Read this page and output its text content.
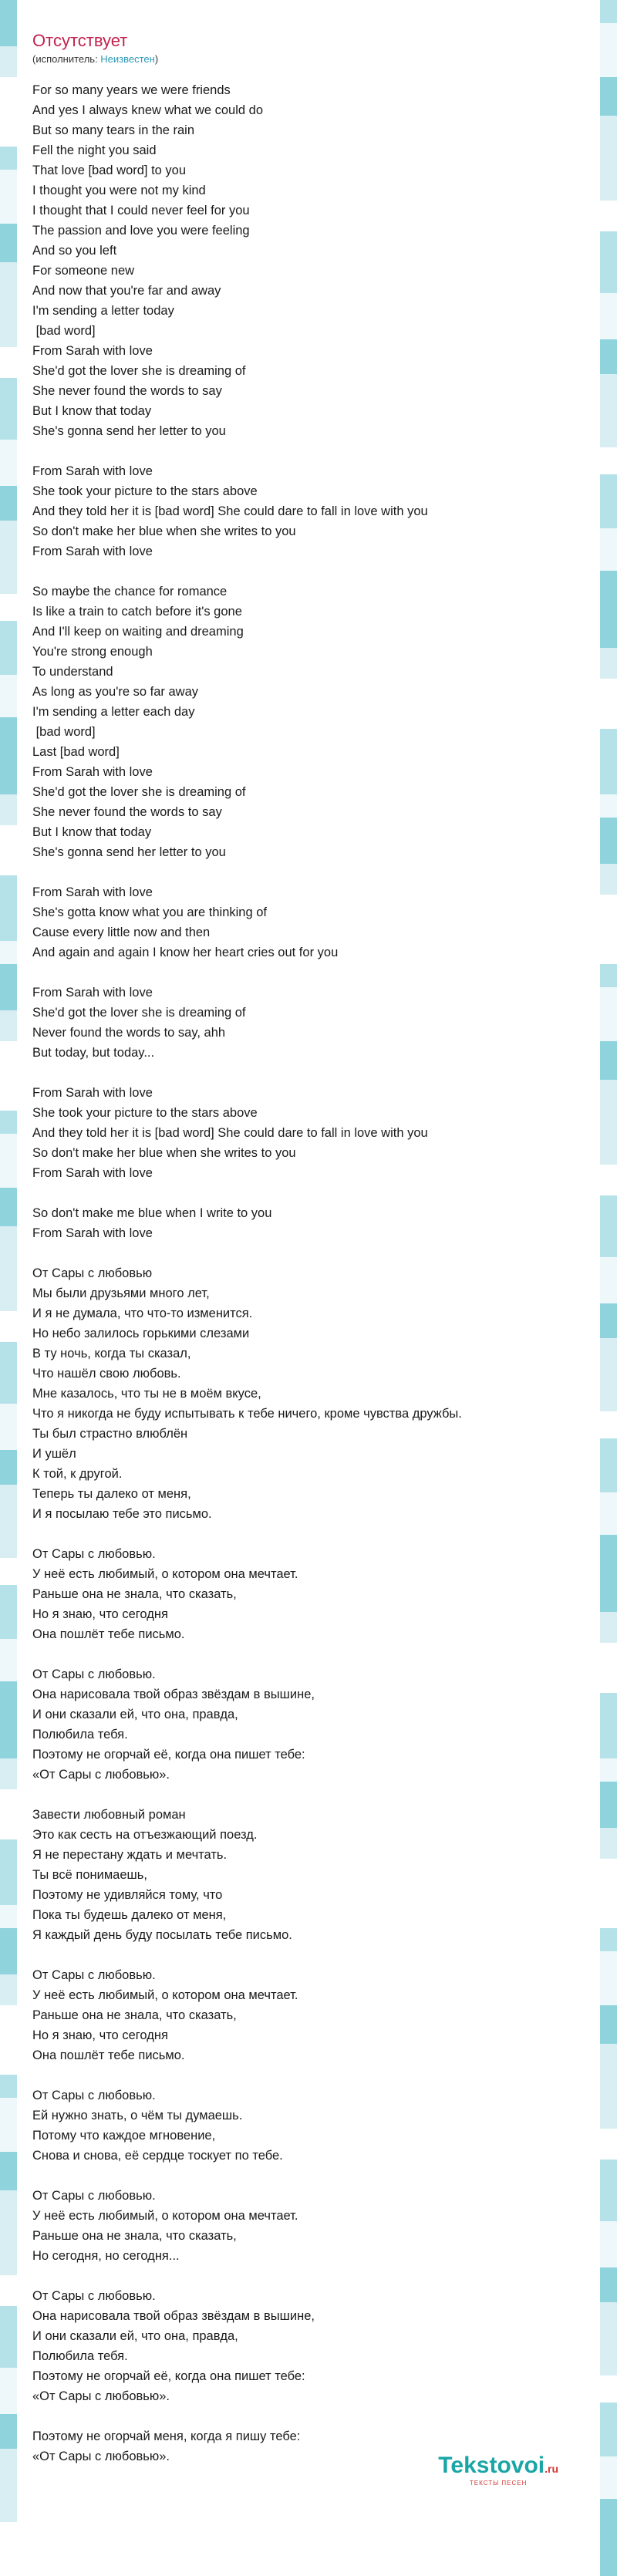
Отсутствует
(исполнитель: Неизвестен)
For so many years we were friends
And yes I always knew what we could do
But so many tears in the rain
Fell the night you said
That love [bad word] to you
I thought you were not my kind
I thought that I could never feel for you
The passion and love you were feeling
And so you left
For someone new
And now that you're far and away
I'm sending a letter today
[bad word]
From Sarah with love
She'd got the lover she is dreaming of
She never found the words to say
But I know that today
She's gonna send her letter to you
From Sarah with love
She took your picture to the stars above
And they told her it is [bad word] She could dare to fall in love with you
So don't make her blue when she writes to you
From Sarah with love
So maybe the chance for romance
Is like a train to catch before it's gone
And I'll keep on waiting and dreaming
You're strong enough
To understand
As long as you're so far away
I'm sending a letter each day
[bad word]
Last [bad word]
From Sarah with love
She'd got the lover she is dreaming of
She never found the words to say
But I know that today
She's gonna send her letter to you
From Sarah with love
She's gotta know what you are thinking of
Cause every little now and then
And again and again I know her heart cries out for you
From Sarah with love
She'd got the lover she is dreaming of
Never found the words to say, ahh
But today, but today...
From Sarah with love
She took your picture to the stars above
And they told her it is [bad word] She could dare to fall in love with you
So don't make her blue when she writes to you
From Sarah with love
So don't make me blue when I write to you
From Sarah with love
От Сары с любовью
Мы были друзьями много лет,
И я не думала, что что-то изменится.
Но небо залилось горькими слезами
В ту ночь, когда ты сказал,
Что нашёл свою любовь.
Мне казалось, что ты не в моём вкусе,
Что я никогда не буду испытывать к тебе ничего, кроме чувства дружбы.
Ты был страстно влюблён
И ушёл
К той, к другой.
Теперь ты далеко от меня,
И я посылаю тебе это письмо.
От Сары с любовью.
У неё есть любимый, о котором она мечтает.
Раньше она не знала, что сказать,
Но я знаю, что сегодня
Она пошлёт тебе письмо.
От Сары с любовью.
Она нарисовала твой образ звёздам в вышине,
И они сказали ей, что она, правда,
Полюбила тебя.
Поэтому не огорчай её, когда она пишет тебе:
«От Сары с любовью».
Завести любовный роман
Это как сесть на отъезжающий поезд.
Я не перестану ждать и мечтать.
Ты всё понимаешь,
Поэтому не удивляйся тому, что
Пока ты будешь далеко от меня,
Я каждый день буду посылать тебе письмо.
От Сары с любовью.
У неё есть любимый, о котором она мечтает.
Раньше она не знала, что сказать,
Но я знаю, что сегодня
Она пошлёт тебе письмо.
От Сары с любовью.
Ей нужно знать, о чём ты думаешь.
Потому что каждое мгновение,
Снова и снова, её сердце тоскует по тебе.
От Сары с любовью.
У неё есть любимый, о котором она мечтает.
Раньше она не знала, что сказать,
Но сегодня, но сегодня...
От Сары с любовью.
Она нарисовала твой образ звёздам в вышине,
И они сказали ей, что она, правда,
Полюбила тебя.
Поэтому не огорчай её, когда она пишет тебе:
«От Сары с любовью».
Поэтому не огорчай меня, когда я пишу тебе:
«От Сары с любовью».	Tekstovoi.ru
ТЕКСТЫ ПЕСЕН
